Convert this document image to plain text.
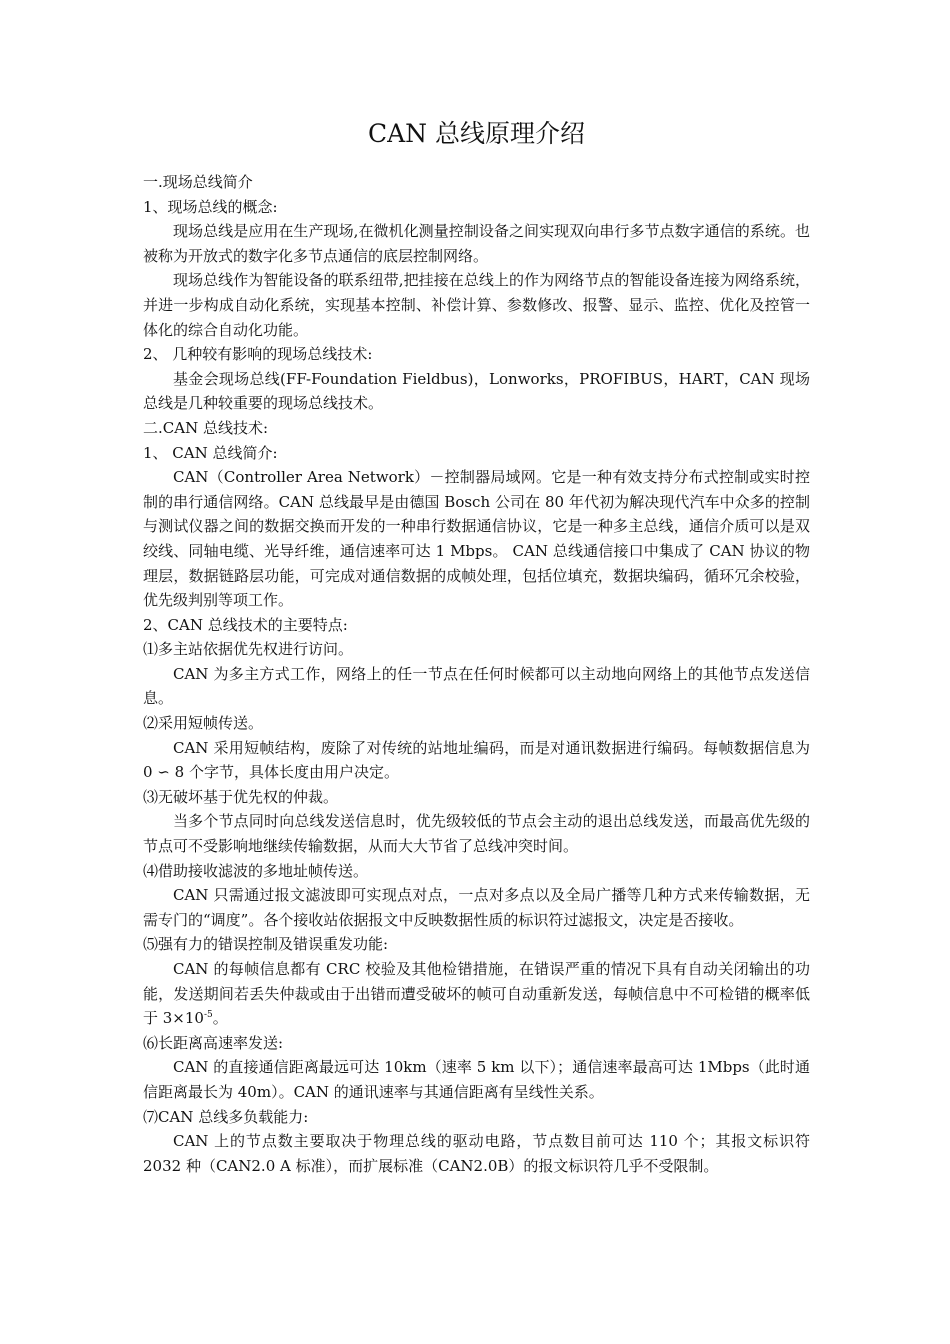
CAN 总线原理介绍

一.现场总线简介

1、现场总线的概念:

现场总线是应用在生产现场,在微机化测量控制设备之间实现双向串行多节点数字通信的系统。也被称为开放式的数字化多节点通信的底层控制网络。

现场总线作为智能设备的联系纽带,把挂接在总线上的作为网络节点的智能设备连接为网络系统，并进一步构成自动化系统，实现基本控制、补偿计算、参数修改、报警、显示、监控、优化及控管一体化的综合自动化功能。

2、 几种较有影响的现场总线技术:

基金会现场总线(FF-Foundation Fieldbus)，Lonworks，PROFIBUS，HART，CAN 现场总线是几种较重要的现场总线技术。

二.CAN 总线技术:

1、 CAN 总线简介:

CAN（Controller Area Network）－控制器局域网。它是一种有效支持分布式控制或实时控制的串行通信网络。CAN 总线最早是由德国 Bosch 公司在 80 年代初为解决现代汽车中众多的控制与测试仪器之间的数据交换而开发的一种串行数据通信协议，它是一种多主总线，通信介质可以是双绞线、同轴电缆、光导纤维，通信速率可达 1 Mbps。 CAN 总线通信接口中集成了 CAN 协议的物理层，数据链路层功能，可完成对通信数据的成帧处理，包括位填充，数据块编码，循环冗余校验，优先级判别等项工作。

2、CAN 总线技术的主要特点:

⑴多主站依据优先权进行访问。

CAN 为多主方式工作，网络上的任一节点在任何时候都可以主动地向网络上的其他节点发送信息。

⑵采用短帧传送。

CAN 采用短帧结构，废除了对传统的站地址编码，而是对通讯数据进行编码。每帧数据信息为 0 ∽ 8 个字节，具体长度由用户决定。

⑶无破坏基于优先权的仲裁。

当多个节点同时向总线发送信息时，优先级较低的节点会主动的退出总线发送，而最高优先级的节点可不受影响地继续传输数据，从而大大节省了总线冲突时间。

⑷借助接收滤波的多地址帧传送。

CAN 只需通过报文滤波即可实现点对点，一点对多点以及全局广播等几种方式来传输数据，无需专门的“调度”。各个接收站依据报文中反映数据性质的标识符过滤报文，决定是否接收。

⑸强有力的错误控制及错误重发功能:

CAN 的每帧信息都有 CRC 校验及其他检错措施，在错误严重的情况下具有自动关闭输出的功能，发送期间若丢失仲裁或由于出错而遭受破坏的帧可自动重新发送，每帧信息中不可检错的概率低于 $3\times 10^{-5}$。

⑹长距离高速率发送:

CAN 的直接通信距离最远可达 10km（速率 5 km 以下）；通信速率最高可达 1Mbps（此时通信距离最长为 40m）。CAN 的通讯速率与其通信距离有呈线性关系。

⑺CAN 总线多负载能力:

CAN 上的节点数主要取决于物理总线的驱动电路，节点数目前可达 110 个；其报文标识符 2032 种（CAN2.0 A 标准），而扩展标准（CAN2.0B）的报文标识符几乎不受限制。
